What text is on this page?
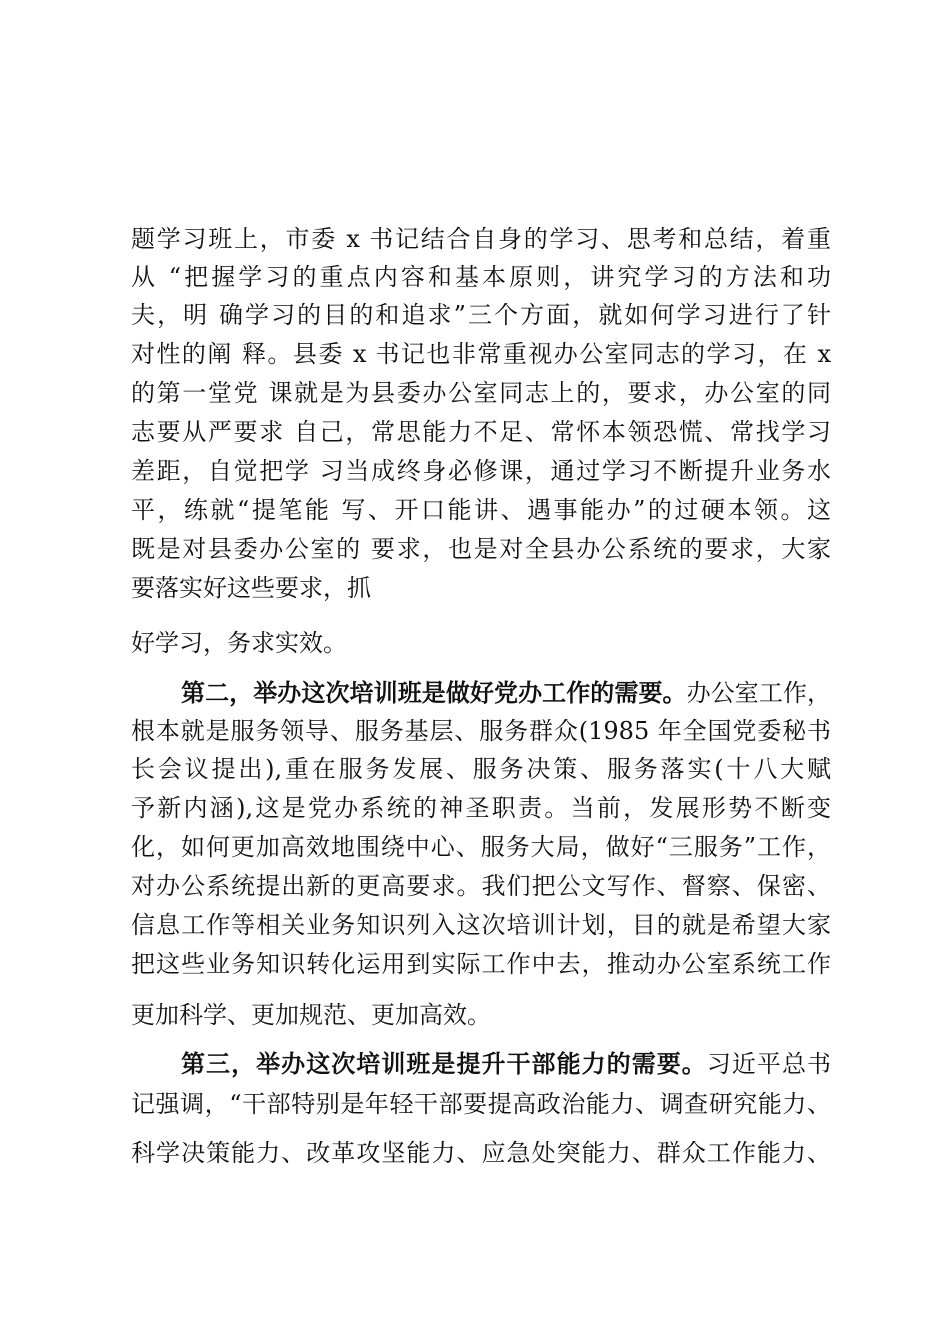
题学习班上，市委 x 书记结合自身的学习、思考和总结，着重
从 “把握学习的重点内容和基本原则，讲究学习的方法和功
夫，明 确学习的目的和追求”三个方面，就如何学习进行了针
对性的阐 释。县委 x 书记也非常重视办公室同志的学习，在 x
的第一堂党 课就是为县委办公室同志上的，要求，办公室的同
志要从严要求 自己，常思能力不足、常怀本领恐慌、常找学习
差距，自觉把学 习当成终身必修课，通过学习不断提升业务水
平，练就“提笔能 写、开口能讲、遇事能办”的过硬本领。这
既是对县委办公室的 要求，也是对全县办公系统的要求，大家
要落实好这些要求，抓
好学习，务求实效。
第二，举办这次培训班是做好党办工作的需要。办公室工作，
根本就是服务领导、服务基层、服务群众(1985 年全国党委秘书
长会议提出),重在服务发展、服务决策、服务落实(十八大赋
予新内涵),这是党办系统的神圣职责。当前，发展形势不断变
化，如何更加高效地围绕中心、服务大局，做好“三服务”工作，
对办公系统提出新的更高要求。我们把公文写作、督察、保密、
信息工作等相关业务知识列入这次培训计划，目的就是希望大家
把这些业务知识转化运用到实际工作中去，推动办公室系统工作
更加科学、更加规范、更加高效。
第三，举办这次培训班是提升干部能力的需要。习近平总书
记强调，“干部特别是年轻干部要提高政治能力、调查研究能力、
科学决策能力、改革攻坚能力、应急处突能力、群众工作能力、
